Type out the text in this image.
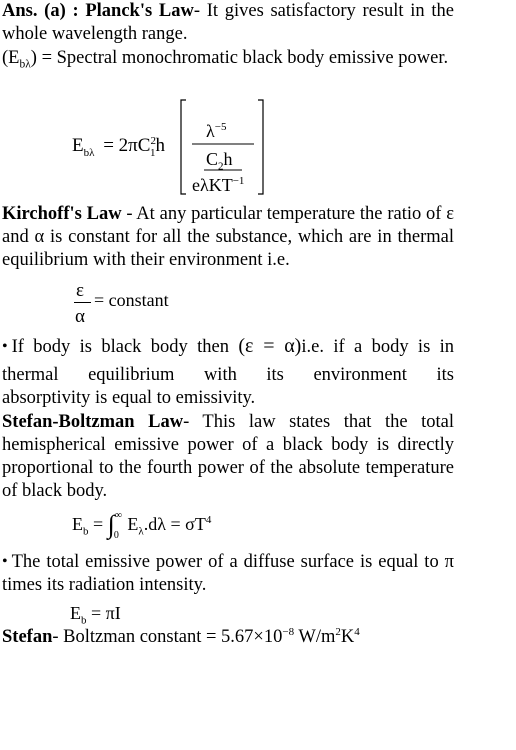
Ans. (a) : Planck's Law- It gives satisfactory result in the whole wavelength range.

$(E_{b\lambda})$ = Spectral monochromatic black body emissive power.

$E_{b\lambda} = 2\pi C^2_1h$
$\lambda^{-5}$
$C_2h$
eλKT$^{-1}$

Kirchoff's Law - At any particular temperature the ratio of ε and α is constant for all the substance, which are in thermal equilibrium with their environment i.e.

ε
α
= constant
• If body is black body then (ε = α)i.e. if a body is in

thermal equilibrium with its environment its
absorptivity is equal to emissivity.

Stefan-Boltzman Law- This law states that the total hemispherical emissive power of a black body is directly proportional to the fourth power of the absolute temperature of black body.

$E_b = \int^\infty_0$ $E_\lambda.d\lambda = \sigma T^4$

• The total emissive power of a diffuse surface is equal to π times its radiation intensity.

$E_b = \pi I$

Stefan- Boltzman constant = $5.67\times 10^{-8}$ $W/m^2K^4$
